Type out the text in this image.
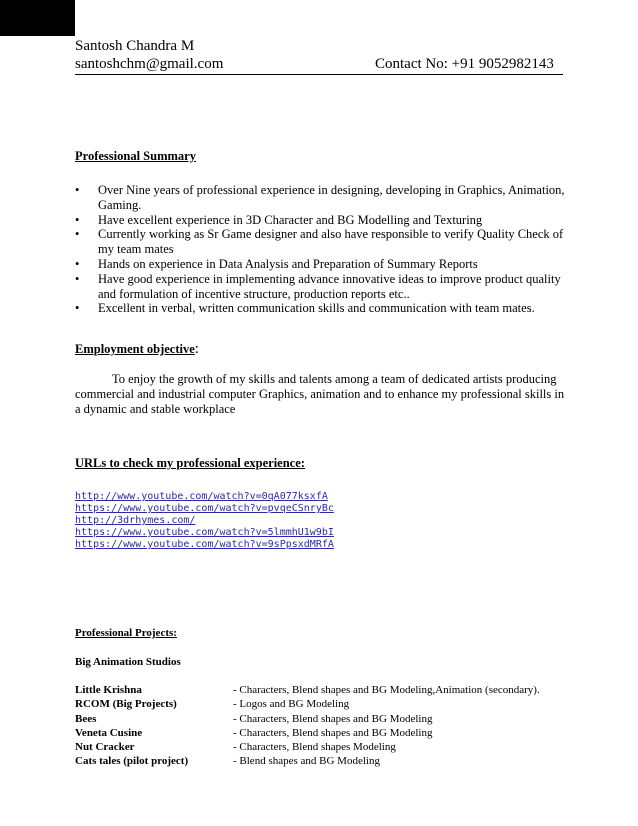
Santosh Chandra M
santoshchm@gmail.com	Contact No: +91 9052982143
Professional Summary
• Over Nine years of professional experience in designing, developing in Graphics, Animation, Gaming.
• Have excellent experience in 3D Character and BG Modelling and Texturing
• Currently working as Sr Game designer and also have responsible to verify Quality Check of my team mates
• Hands on experience in Data Analysis and Preparation of Summary Reports
• Have good experience in implementing advance innovative ideas to improve product quality and formulation of incentive structure, production reports etc..
• Excellent in verbal, written communication skills and communication with team mates.
Employment objective:
To enjoy the growth of my skills and talents among a team of dedicated artists producing commercial and industrial computer Graphics, animation and to enhance my professional skills in a dynamic and stable workplace
URLs to check my professional experience:
http://www.youtube.com/watch?v=0qA077ksxfA
https://www.youtube.com/watch?v=pvqeCSnryBc
http://3drhymes.com/
https://www.youtube.com/watch?v=5lmmhU1w9bI
https://www.youtube.com/watch?v=9sPpsxdMRfA
Professional Projects:
Big Animation Studios
Little Krishna	- Characters, Blend shapes and BG Modeling,Animation (secondary).
RCOM (Big Projects)	- Logos and BG Modeling
Bees	- Characters, Blend shapes and BG Modeling
Veneta Cusine	- Characters, Blend shapes and BG Modeling
Nut Cracker	- Characters, Blend shapes Modeling
Cats tales (pilot project)	- Blend shapes and BG Modeling
